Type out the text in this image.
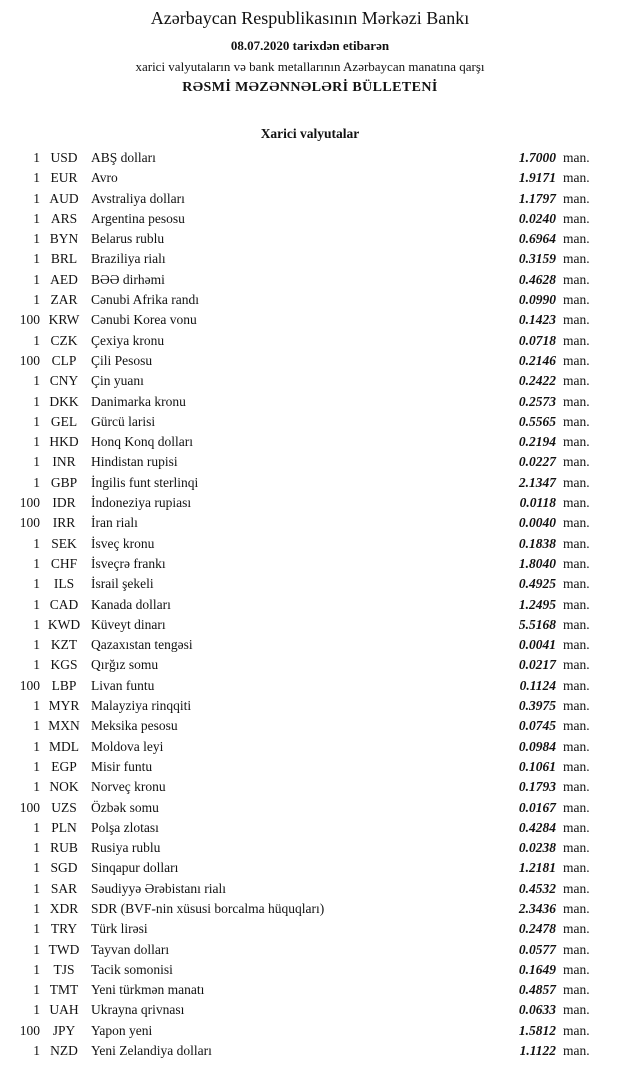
Azərbaycan Respublikasının Mərkəzi Bankı
08.07.2020 tarixdən etibarən
xarici valyutaların və bank metallarının Azərbaycan manatına qarşı
RƏSMİ MƏZƏNNƏLƏRİ BÜLLETENİ
Xarici valyutalar
1 USD	ABŞ dolları	1.7000 man.
1 EUR	Avro	1.9171 man.
1 AUD Avstraliya dolları	1.1797 man.
1 ARS	Argentina pesosu	0.0240 man.
1 BYN Belarus rublu	0.6964 man.
1 BRL	Braziliya rialı	0.3159 man.
1 AED BƏƏ dirhəmi	0.4628 man.
1 ZAR	Cənubi Afrika randı	0.0990 man.
100 KRW Cənubi Korea vonu	0.1423 man.
1 CZK	Çexiya kronu	0.0718 man.
100 CLP	Çili Pesosu	0.2146 man.
1 CNY Çin yuanı	0.2422 man.
1 DKK Danimarka kronu	0.2573 man.
1 GEL	Gürcü larisi	0.5565 man.
1 HKD Honq Konq dolları	0.2194 man.
1 INR	Hindistan rupisi	0.0227 man.
1 GBP	İngilis funt sterlinqi	2.1347 man.
100 IDR	İndoneziya rupiası	0.0118 man.
100 IRR	İran rialı	0.0040 man.
1 SEK	İsveç kronu	0.1838 man.
1 CHF	İsveçrə frankı	1.8040 man.
1	ILS	İsrail şekeli	0.4925 man.
1 CAD Kanada dolları	1.2495 man.
1 KWD Küveyt dinarı	5.5168 man.
1 KZT	Qazaxıstan tengəsi	0.0041 man.
1 KGS	Qırğız somu	0.0217 man.
100 LBP	Livan funtu	0.1124 man.
1 MYR Malayziya rinqqiti	0.3975 man.
1 MXN Meksika pesosu	0.0745 man.
1 MDL Moldova leyi	0.0984 man.
1 EGP	Misir funtu	0.1061 man.
1 NOK Norveç kronu	0.1793 man.
100 UZS	Özbək somu	0.0167 man.
1 PLN	Polşa zlotası	0.4284 man.
1 RUB Rusiya rublu	0.0238 man.
1 SGD	Sinqapur dolları	1.2181 man.
1 SAR	Səudiyyə Ərəbistanı rialı	0.4532 man.
1 XDR SDR (BVF-nin xüsusi borcalma hüquqları)	2.3436 man.
1 TRY	Türk lirəsi	0.2478 man.
1 TWD Tayvan dolları	0.0577 man.
1 TJS	Tacik somonisi	0.1649 man.
1 TMT Yeni türkmən manatı	0.4857 man.
1 UAH Ukrayna qrivnası	0.0633 man.
100 JPY	Yapon yeni	1.5812 man.
1 NZD Yeni Zelandiya dolları	1.1122 man.
